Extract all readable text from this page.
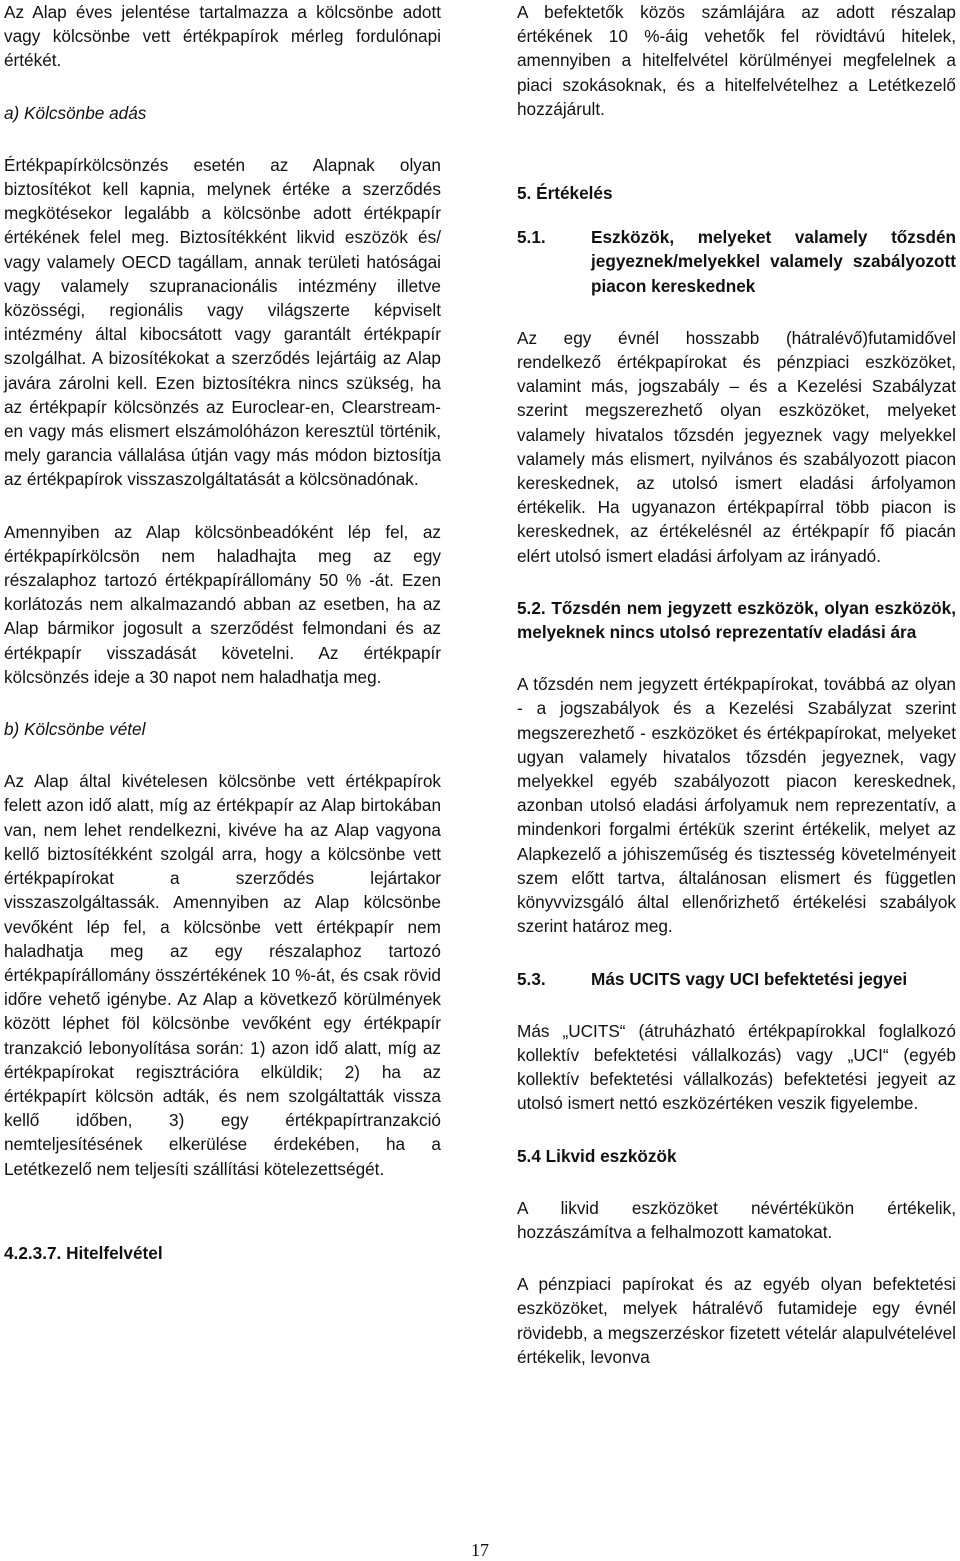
Az Alap éves jelentése tartalmazza a kölcsönbe adott vagy kölcsönbe vett értékpapírok mérleg fordulónapi értékét.

a) Kölcsönbe adás

Értékpapírkölcsönzés esetén az Alapnak olyan biztosítékot kell kapnia, melynek értéke a szerződés megkötésekor legalább a kölcsönbe adott értékpapír értékének felel meg. Biztosítékként likvid eszözök és/ vagy valamely OECD tagállam, annak területi hatóságai vagy valamely szupranacionális intézmény illetve közösségi, regionális vagy világszerte képviselt intézmény által kibocsátott vagy garantált értékpapír szolgálhat. A bizosítékokat a szerződés lejártáig az Alap javára zárolni kell. Ezen biztosítékra nincs szükség, ha az értékpapír kölcsönzés az Euroclear-en, Clearstream-en vagy más elismert elszámolóházon keresztül történik, mely garancia vállalása útján vagy más módon biztosítja az értékpapírok visszaszolgáltatását a kölcsönadónak.

Amennyiben az Alap kölcsönbeadóként lép fel, az értékpapírkölcsön nem haladhajta meg az egy részalaphoz tartozó értékpapírállomány 50 % -át. Ezen korlátozás nem alkalmazandó abban az esetben, ha az Alap bármikor jogosult a szerződést felmondani és az értékpapír visszadását követelni. Az értékpapír kölcsönzés ideje a 30 napot nem haladhatja meg.

b) Kölcsönbe vétel

Az Alap által kivételesen kölcsönbe vett értékpapírok felett azon idő alatt, míg az értékpapír az Alap birtokában van, nem lehet rendelkezni, kivéve ha az Alap vagyona kellő biztosítékként szolgál arra, hogy a kölcsönbe vett értékpapírokat a szerződés lejártakor visszaszolgáltassák. Amennyiben az Alap kölcsönbe vevőként lép fel, a kölcsönbe vett értékpapír nem haladhatja meg az egy részalaphoz tartozó értékpapírállomány összértékének 10 %-át, és csak rövid időre vehető igénybe. Az Alap a következő körülmények között léphet föl kölcsönbe vevőként egy értékpapír tranzakció lebonyolítása során: 1) azon idő alatt, míg az értékpapírokat regisztrációra elküldik; 2) ha az értékpapírt kölcsön adták, és nem szolgáltatták vissza kellő időben, 3) egy értékpapírtranzakció nemteljesítésének elkerülése érdekében, ha a Letétkezelő nem teljesíti szállítási kötelezettségét.

4.2.3.7. Hitelfelvétel

A befektetők közös számlájára az adott részalap értékének 10 %-áig vehetők fel rövidtávú hitelek, amennyiben a hitelfelvétel körülményei megfelelnek a piaci szokásoknak, és a hitelfelvételhez a Letétkezelő hozzájárult.

5. Értékelés

5.1.	Eszközök, melyeket valamely tőzsdén jegyeznek/melyekkel valamely szabályozott piacon kereskednek

Az egy évnél hosszabb (hátralévő)futamidővel rendelkező értékpapírokat és pénzpiaci eszközöket, valamint más, jogszabály – és a Kezelési Szabályzat szerint megszerezhető olyan eszközöket, melyeket valamely hivatalos tőzsdén jegyeznek vagy melyekkel valamely más elismert, nyilvános és szabályozott piacon kereskednek, az utolsó ismert eladási árfolyamon értékelik. Ha ugyanazon értékpapírral több piacon is kereskednek, az értékelésnél az értékpapír fő piacán elért utolsó ismert eladási árfolyam az irányadó.

5.2. Tőzsdén nem jegyzett eszközök, olyan eszközök, melyeknek nincs utolsó reprezentatív eladási ára

A tőzsdén nem jegyzett értékpapírokat, továbbá az olyan - a jogszabályok és a Kezelési Szabályzat szerint megszerezhető - eszközöket és értékpapírokat, melyeket ugyan valamely hivatalos tőzsdén jegyeznek, vagy melyekkel egyéb szabályozott piacon kereskednek, azonban utolsó eladási árfolyamuk nem reprezentatív, a mindenkori forgalmi értékük szerint értékelik, melyet az Alapkezelő a jóhiszeműség és tisztesség követelményeit szem előtt tartva, általánosan elismert és független könyvvizsgáló által ellenőrizhető értékelési szabályok szerint határoz meg.

5.3.	Más UCITS vagy UCI befektetési jegyei

Más „UCITS“ (átruházható értékpapírokkal foglalkozó kollektív befektetési vállalkozás) vagy „UCI“ (egyéb kollektív befektetési vállalkozás) befektetési jegyeit az utolsó ismert nettó eszközértéken veszik figyelembe.

5.4 Likvid eszközök

A likvid eszközöket névértékükön értékelik, hozzászámítva a felhalmozott kamatokat.

A pénzpiaci papírokat és az egyéb olyan befektetési eszközöket, melyek hátralévő futamideje egy évnél rövidebb, a megszerzéskor fizetett vételár alapulvételével értékelik, levonva

17
